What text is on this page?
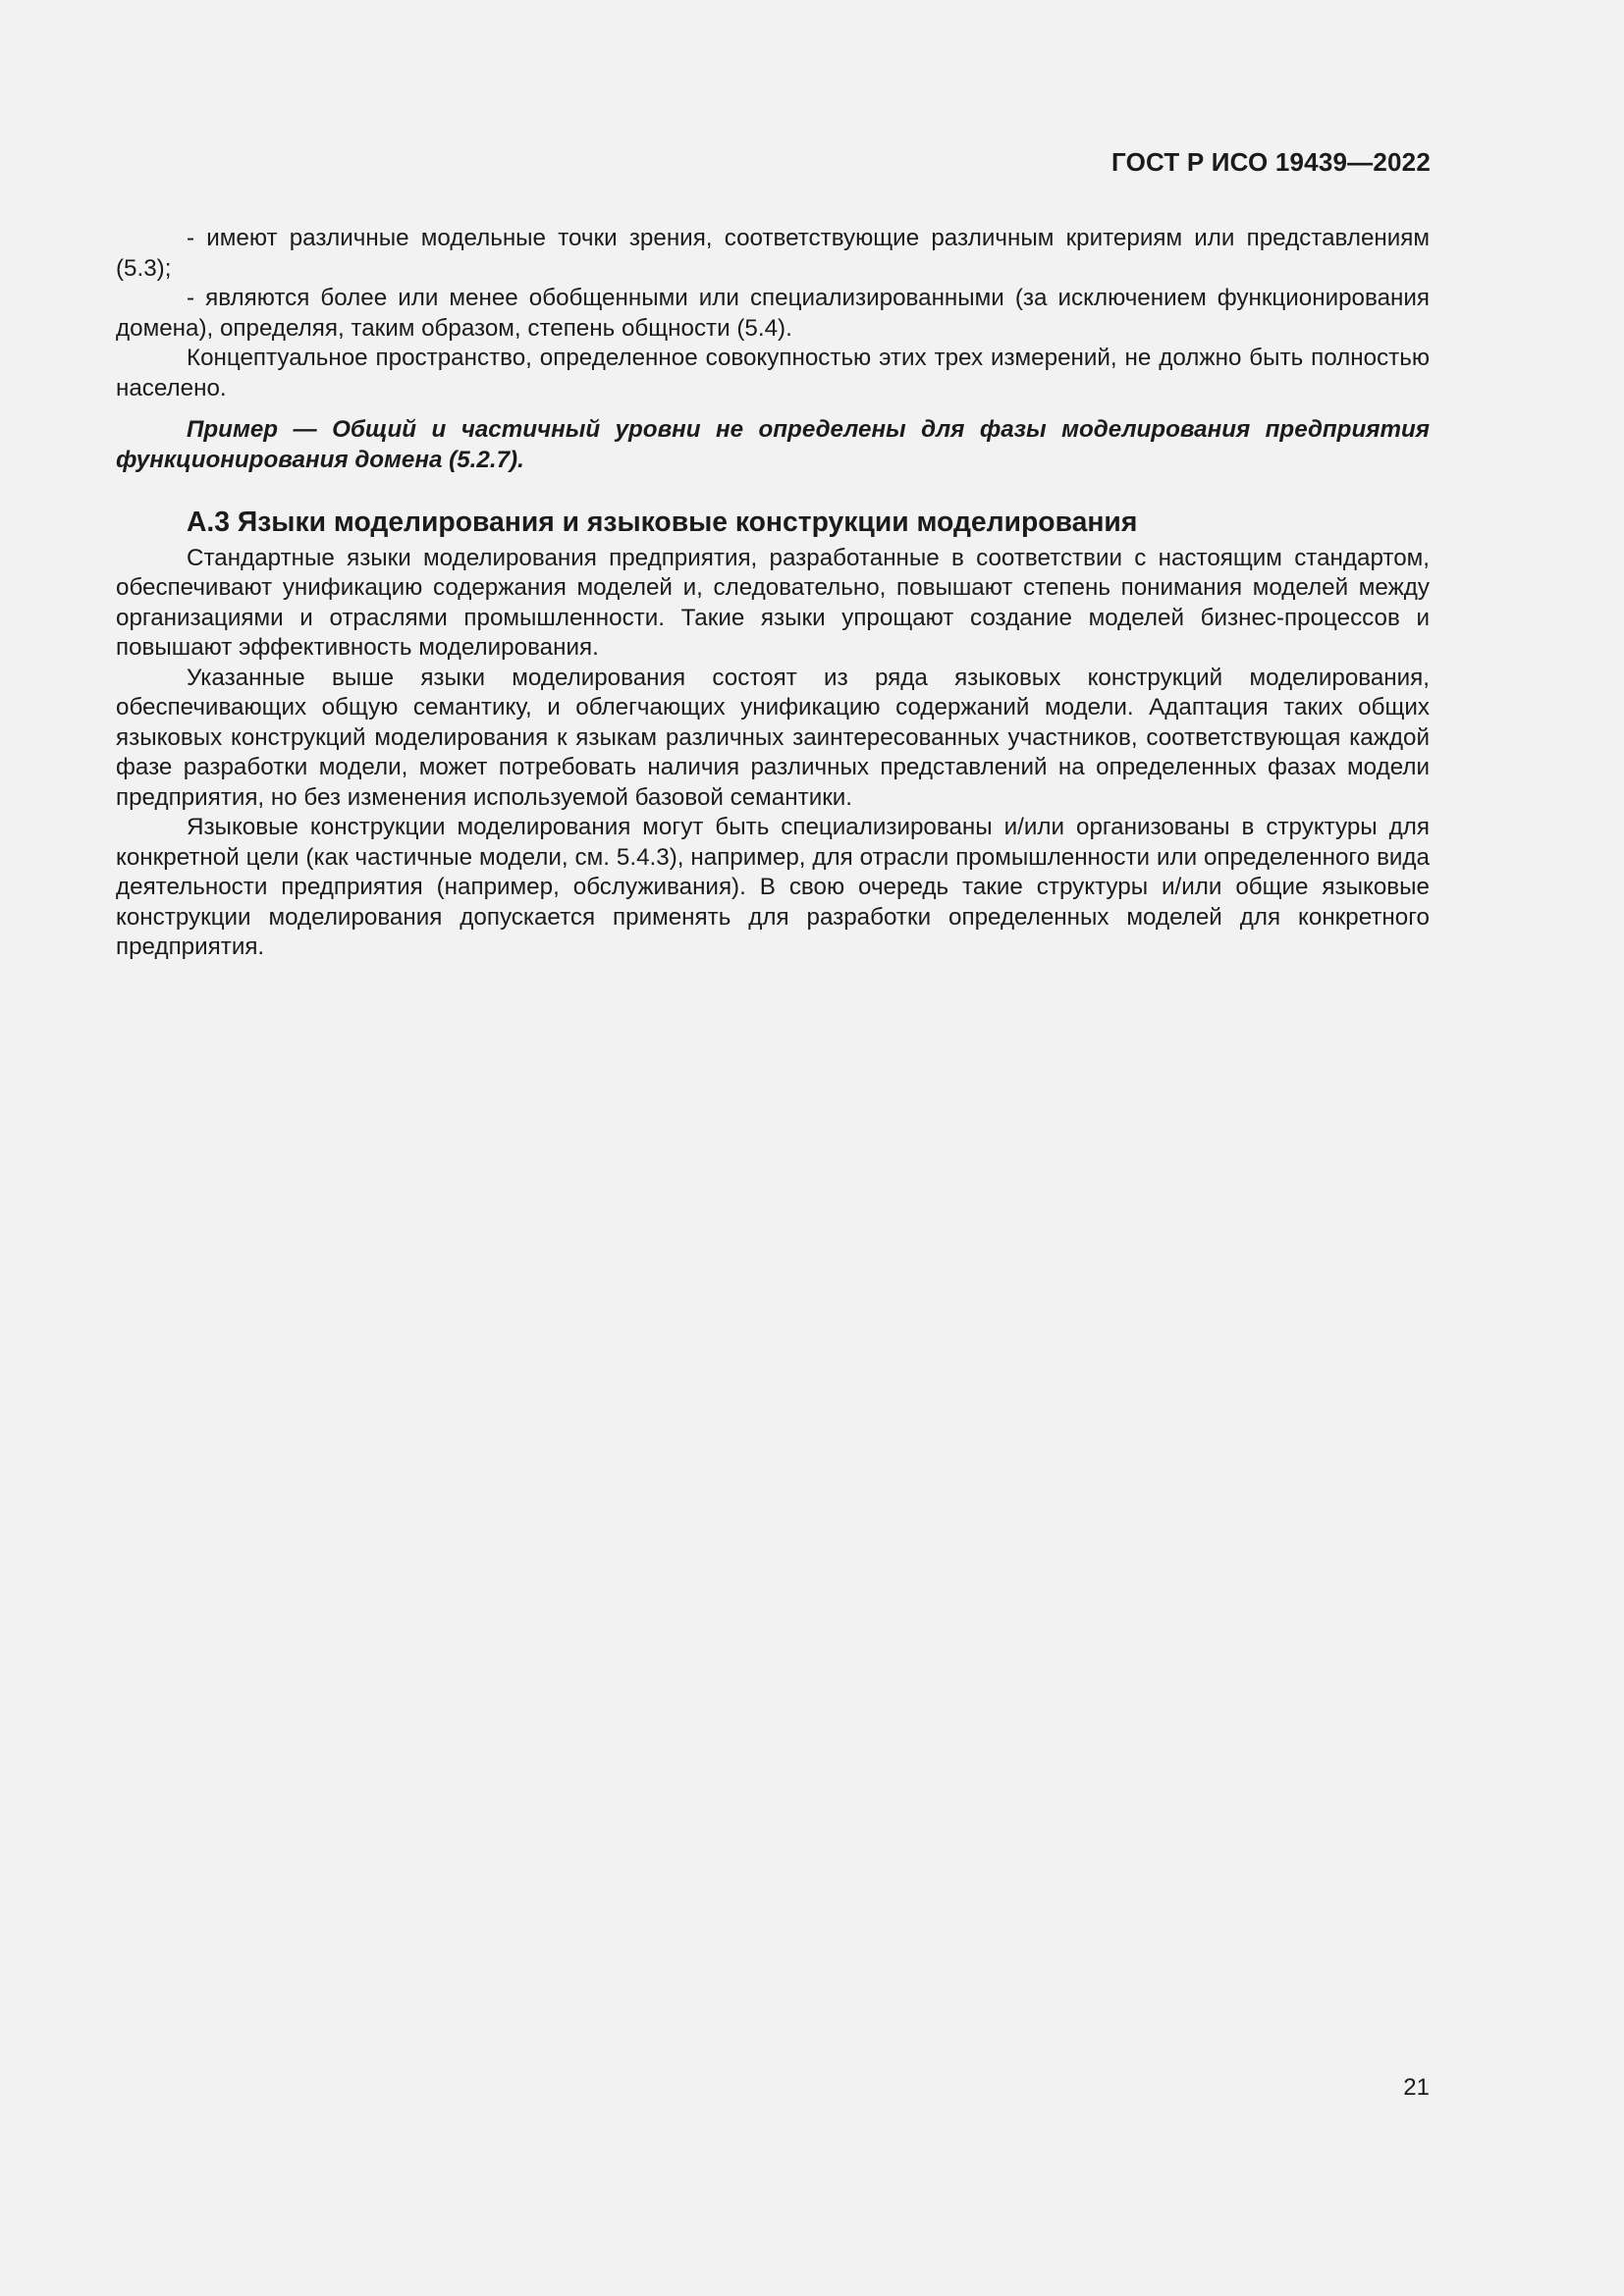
ГОСТ Р ИСО 19439—2022

- имеют различные модельные точки зрения, соответствующие различным критериям или представлениям (5.3);

- являются более или менее обобщенными или специализированными (за исключением функционирования домена), определяя, таким образом, степень общности (5.4).

Концептуальное пространство, определенное совокупностью этих трех измерений, не должно быть полностью населено.

Пример — Общий и частичный уровни не определены для фазы моделирования предприятия функционирования домена (5.2.7).

А.3 Языки моделирования и языковые конструкции моделирования

Стандартные языки моделирования предприятия, разработанные в соответствии с настоящим стандартом, обеспечивают унификацию содержания моделей и, следовательно, повышают степень понимания моделей между организациями и отраслями промышленности. Такие языки упрощают создание моделей бизнес-процессов и повышают эффективность моделирования.

Указанные выше языки моделирования состоят из ряда языковых конструкций моделирования, обеспечивающих общую семантику, и облегчающих унификацию содержаний модели. Адаптация таких общих языковых конструкций моделирования к языкам различных заинтересованных участников, соответствующая каждой фазе разработки модели, может потребовать наличия различных представлений на определенных фазах модели предприятия, но без изменения используемой базовой семантики.

Языковые конструкции моделирования могут быть специализированы и/или организованы в структуры для конкретной цели (как частичные модели, см. 5.4.3), например, для отрасли промышленности или определенного вида деятельности предприятия (например, обслуживания). В свою очередь такие структуры и/или общие языковые конструкции моделирования допускается применять для разработки определенных моделей для конкретного предприятия.

21
